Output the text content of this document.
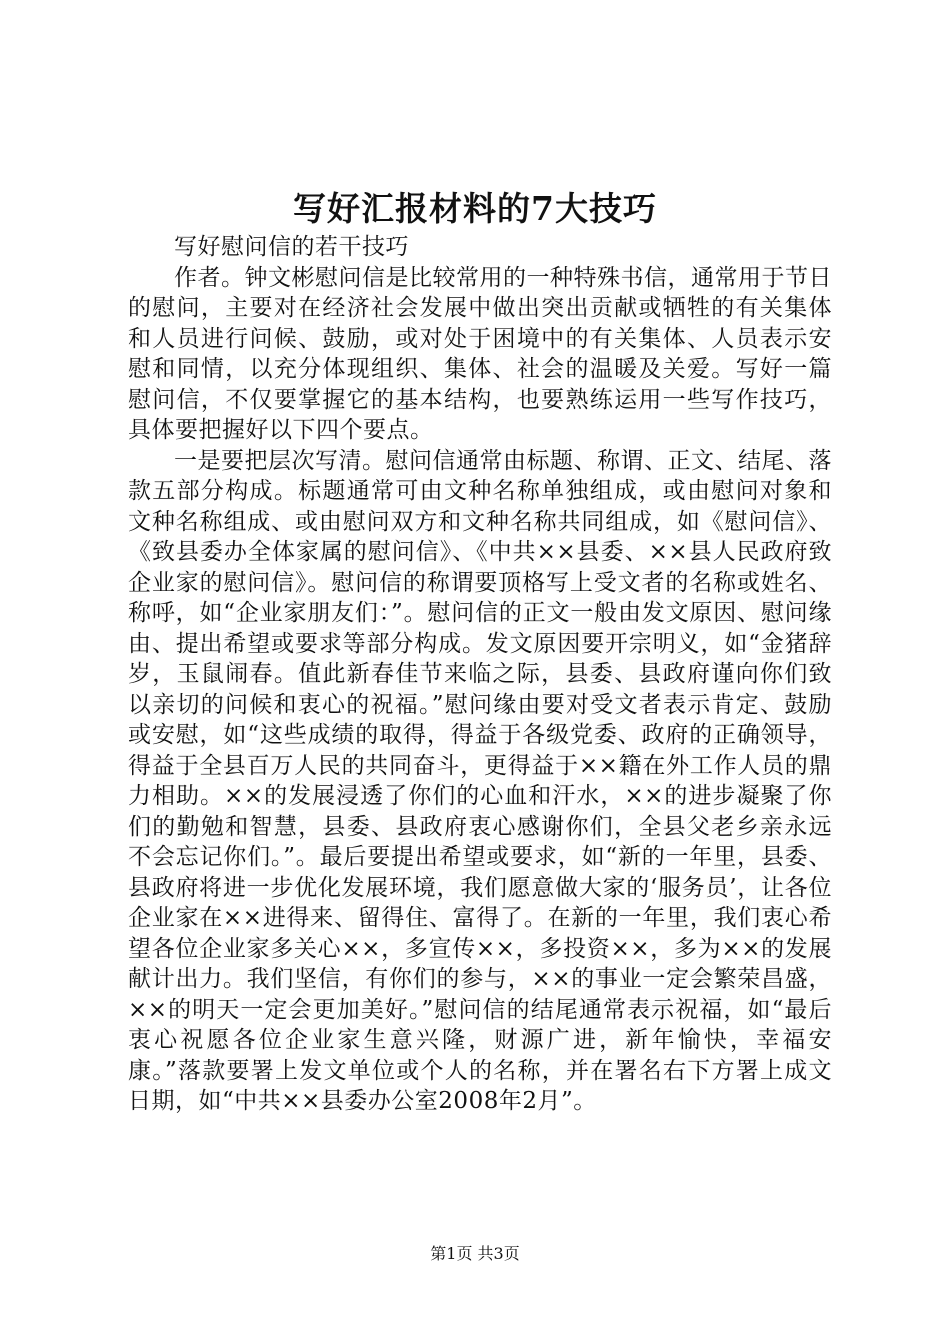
写好汇报材料的7大技巧

写好慰问信的若干技巧

作者。钟文彬慰问信是比较常用的一种特殊书信，通常用于节日的慰问，主要对在经济社会发展中做出突出贡献或牺牲的有关集体和人员进行问候、鼓励，或对处于困境中的有关集体、人员表示安慰和同情，以充分体现组织、集体、社会的温暖及关爱。写好一篇慰问信，不仅要掌握它的基本结构，也要熟练运用一些写作技巧，具体要把握好以下四个要点。

一是要把层次写清。慰问信通常由标题、称谓、正文、结尾、落款五部分构成。标题通常可由文种名称单独组成，或由慰问对象和文种名称组成、或由慰问双方和文种名称共同组成，如《慰问信》、《致县委办全体家属的慰问信》、《中共××县委、××县人民政府致企业家的慰问信》。慰问信的称谓要顶格写上受文者的名称或姓名、称呼，如“企业家朋友们：”。慰问信的正文一般由发文原因、慰问缘由、提出希望或要求等部分构成。发文原因要开宗明义，如“金猪辞岁，玉鼠闹春。值此新春佳节来临之际，县委、县政府谨向你们致以亲切的问候和衷心的祝福。”慰问缘由要对受文者表示肯定、鼓励或安慰，如“这些成绩的取得，得益于各级党委、政府的正确领导，得益于全县百万人民的共同奋斗，更得益于××籍在外工作人员的鼎力相助。××的发展浸透了你们的心血和汗水，××的进步凝聚了你们的勤勉和智慧，县委、县政府衷心感谢你们，全县父老乡亲永远不会忘记你们。”。最后要提出希望或要求，如“新的一年里，县委、县政府将进一步优化发展环境，我们愿意做大家的‘服务员’，让各位企业家在××进得来、留得住、富得了。在新的一年里，我们衷心希望各位企业家多关心××，多宣传××，多投资××，多为××的发展献计出力。我们坚信，有你们的参与，××的事业一定会繁荣昌盛，××的明天一定会更加美好。”慰问信的结尾通常表示祝福，如“最后衷心祝愿各位企业家生意兴隆，财源广进，新年愉快，幸福安康。”落款要署上发文单位或个人的名称，并在署名右下方署上成文日期，如“中共××县委办公室2008年2月”。

第1页 共3页
